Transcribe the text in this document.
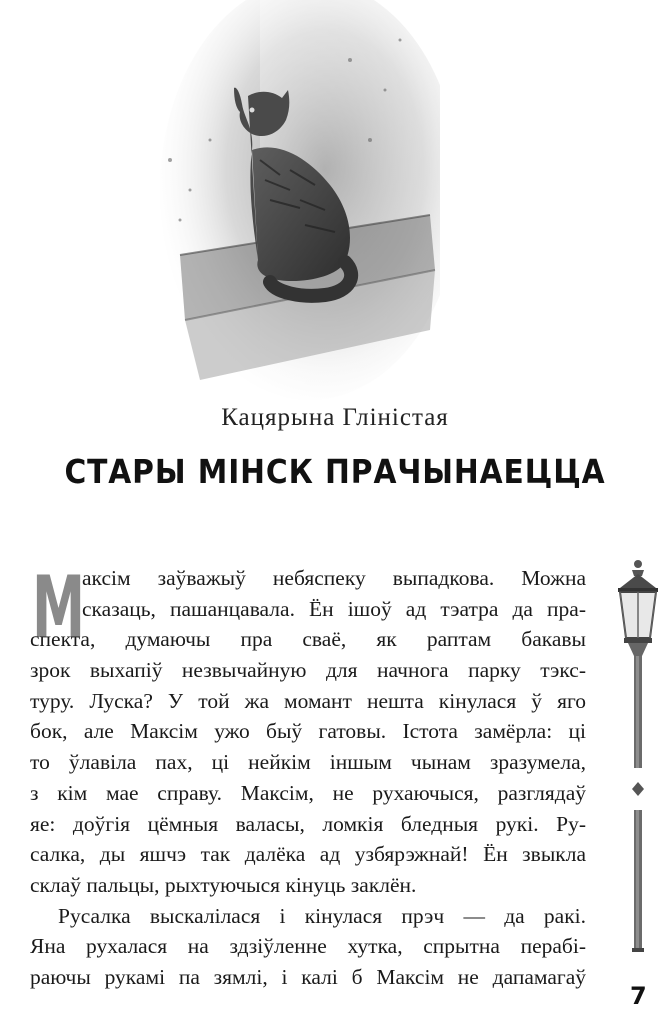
Кацярына Глiнiстая
СТАРЫ МIНСК ПРАЧЫНАЕЦЦА
М
аксiм заўважыў небяспеку выпадкова. Можна
сказаць, пашанцавала. Ён iшоў ад тэатра да пра-
спекта, думаючы пра сваё, як раптам бакавы
зрок выхапiў незвычайную для начнога парку тэкс-
туру. Луска? У той жа момант нешта кiнулася ў яго
бок, але Максiм ужо быў гатовы. Iстота замёрла: цi
то ўлавiла пах, цi нейкiм iншым чынам зразумела,
з кiм мае справу. Максiм, не рухаючыся, разглядаў
яе: доўгiя цёмныя валасы, ломкiя бледныя рукi. Ру-
салка, ды яшчэ так далёка ад узбярэжнай! Ён звыкла
склаў пальцы, рыхтуючыся кiнуць заклён.
Русалка выскалiлася i кiнулася прэч — да ракi.
Яна рухалася на здзiўленне хутка, спрытна перабi-
раючы рукамi па зямлi, i калi б Максiм не дапамагаў
7
